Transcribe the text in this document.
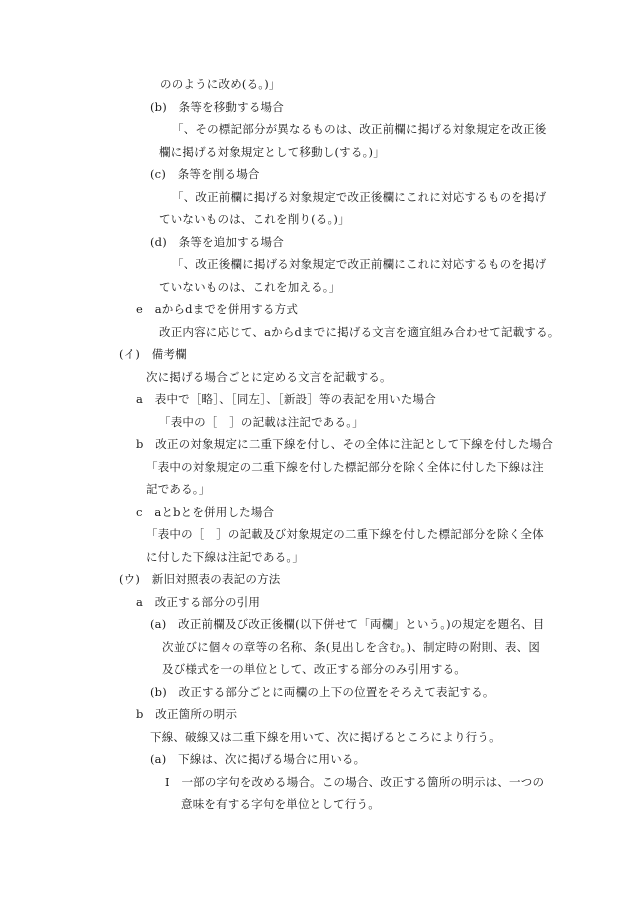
ののように改め(る。)」
(b)　条等を移動する場合
「、その標記部分が異なるものは、改正前欄に掲げる対象規定を改正後
欄に掲げる対象規定として移動し(する。)」
(c)　条等を削る場合
「、改正前欄に掲げる対象規定で改正後欄にこれに対応するものを掲げ
ていないものは、これを削り(る。)」
(d)　条等を追加する場合
「、改正後欄に掲げる対象規定で改正前欄にこれに対応するものを掲げ
ていないものは、これを加える。」
e　aからdまでを併用する方式
改正内容に応じて、aからdまでに掲げる文言を適宜組み合わせて記載する。
(イ)　備考欄
次に掲げる場合ごとに定める文言を記載する。
a　表中で［略］、［同左］、［新設］等の表記を用いた場合
「表中の［　］の記載は注記である。」
b　改正の対象規定に二重下線を付し、その全体に注記として下線を付した場合
「表中の対象規定の二重下線を付した標記部分を除く全体に付した下線は注
記である。」
c　aとbとを併用した場合
「表中の［　］の記載及び対象規定の二重下線を付した標記部分を除く全体
に付した下線は注記である。」
(ウ)　新旧対照表の表記の方法
a　改正する部分の引用
(a)　改正前欄及び改正後欄(以下併せて「両欄」という。)の規定を題名、目
次並びに個々の章等の名称、条(見出しを含む。)、制定時の附則、表、図
及び様式を一の単位として、改正する部分のみ引用する。
(b)　改正する部分ごとに両欄の上下の位置をそろえて表記する。
b　改正箇所の明示
下線、破線又は二重下線を用いて、次に掲げるところにより行う。
(a)　下線は、次に掲げる場合に用いる。
Ⅰ　一部の字句を改める場合。この場合、改正する箇所の明示は、一つの
意味を有する字句を単位として行う。
